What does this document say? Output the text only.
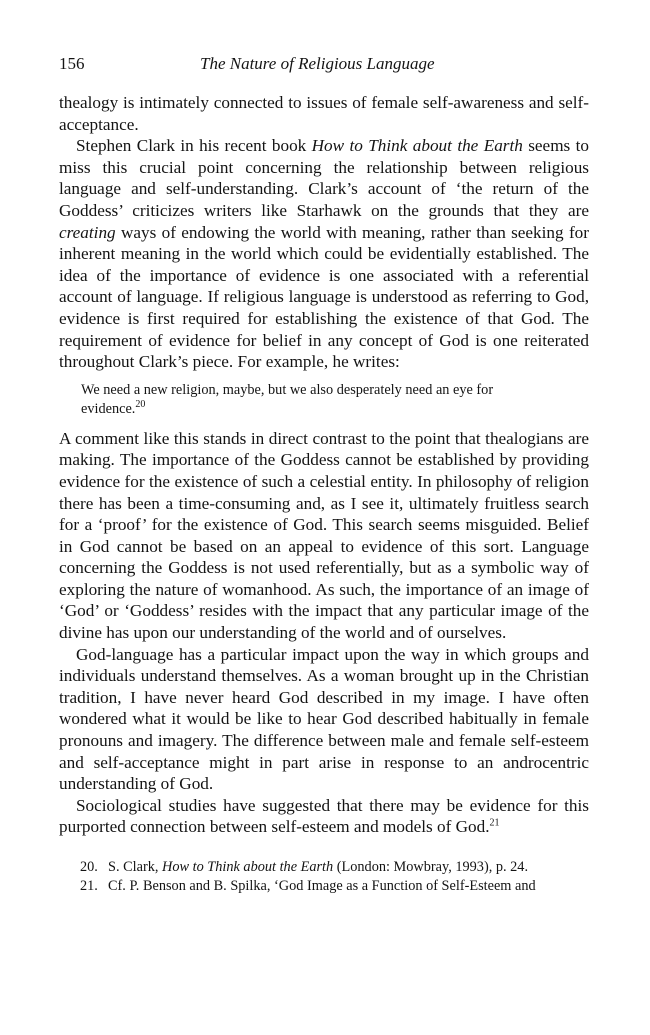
156	The Nature of Religious Language

thealogy is intimately connected to issues of female self-awareness and self-acceptance.

Stephen Clark in his recent book How to Think about the Earth seems to miss this crucial point concerning the relationship between religious language and self-understanding. Clark’s account of ‘the return of the Goddess’ criticizes writers like Starhawk on the grounds that they are creating ways of endowing the world with meaning, rather than seeking for inherent meaning in the world which could be evidentially established. The idea of the importance of evidence is one associated with a referential account of language. If religious language is understood as referring to God, evidence is first required for establishing the existence of that God. The requirement of evidence for belief in any concept of God is one reiterated throughout Clark’s piece. For example, he writes:

We need a new religion, maybe, but we also desperately need an eye for evidence.$^{20}$

A comment like this stands in direct contrast to the point that thealogians are making. The importance of the Goddess cannot be established by providing evidence for the existence of such a celestial entity. In philosophy of religion there has been a time-consuming and, as I see it, ultimately fruitless search for a ‘proof’ for the existence of God. This search seems misguided. Belief in God cannot be based on an appeal to evidence of this sort. Language concerning the Goddess is not used referentially, but as a symbolic way of exploring the nature of womanhood. As such, the importance of an image of ‘God’ or ‘Goddess’ resides with the impact that any particular image of the divine has upon our understanding of the world and of ourselves.

God-language has a particular impact upon the way in which groups and individuals understand themselves. As a woman brought up in the Christian tradition, I have never heard God described in my image. I have often wondered what it would be like to hear God described habitually in female pronouns and imagery. The difference between male and female self-esteem and self-acceptance might in part arise in response to an androcentric understanding of God.

Sociological studies have suggested that there may be evidence for this purported connection between self-esteem and models of God.$^{21}$

20. S. Clark, How to Think about the Earth (London: Mowbray, 1993), p. 24.
21. Cf. P. Benson and B. Spilka, ‘God Image as a Function of Self-Esteem and
